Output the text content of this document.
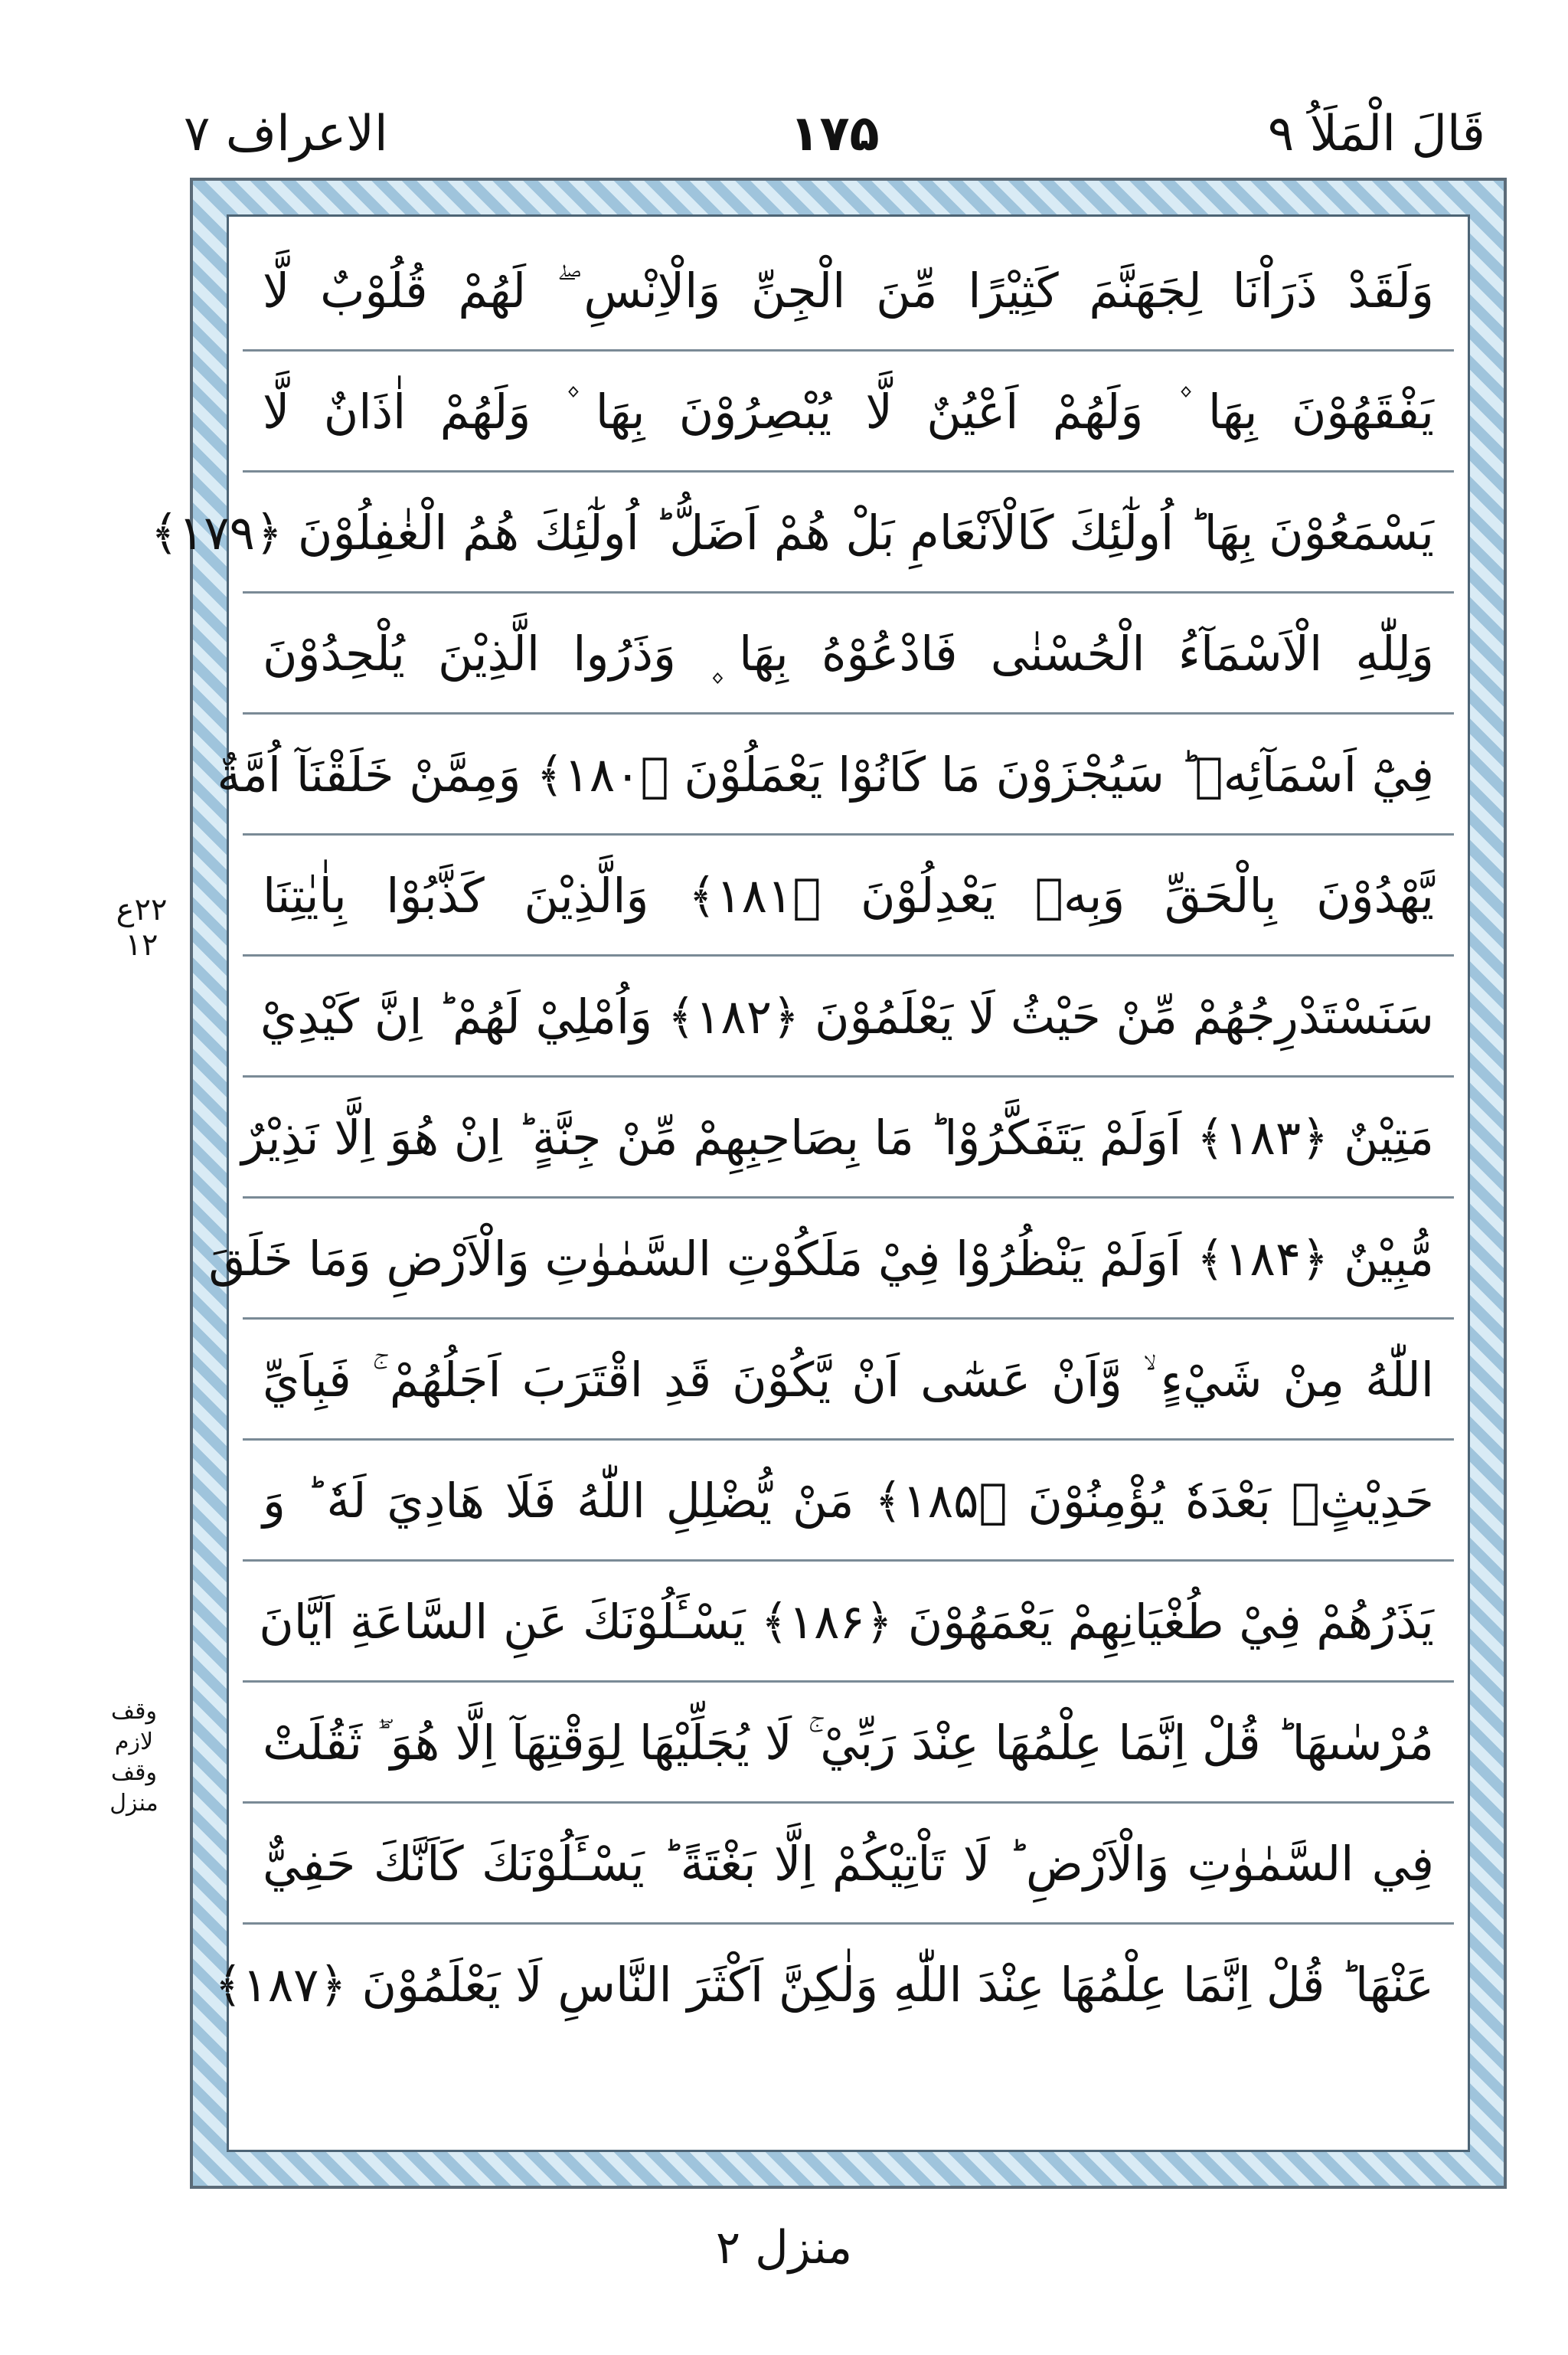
قَالَ الْمَلَاُ ۹
۱۷۵
الاعراف ۷
۲۲ع ۱۲
وقف لازم وقف منزل
وَلَقَدْ ذَرَاْنَا لِجَهَنَّمَ كَثِيْرًا مِّنَ الْجِنِّ وَالْاِنْسِ ۖ لَهُمْ قُلُوْبٌ لَّا
يَفْقَهُوْنَ بِهَا ۫ وَلَهُمْ اَعْيُنٌ لَّا يُبْصِرُوْنَ بِهَا ۫ وَلَهُمْ اٰذَانٌ لَّا
يَسْمَعُوْنَ بِهَا ؕ اُولٰٓئِكَ كَالْاَنْعَامِ بَلْ هُمْ اَضَلُّ ؕ اُولٰٓئِكَ هُمُ الْغٰفِلُوْنَ ﴿۱۷۹﴾
وَلِلّٰهِ الْاَسْمَآءُ الْحُسْنٰى فَادْعُوْهُ بِهَا ۪ وَذَرُوا الَّذِيْنَ يُلْحِدُوْنَ
فِيْٓ اَسْمَآئِهٖ ؕ سَيُجْزَوْنَ مَا كَانُوْا يَعْمَلُوْنَ ﴿۱۸۰﴾ وَمِمَّنْ خَلَقْنَآ اُمَّةٌ
يَّهْدُوْنَ بِالْحَقِّ وَبِهٖ يَعْدِلُوْنَ ﴿۱۸۱﴾ وَالَّذِيْنَ كَذَّبُوْا بِاٰيٰتِنَا
سَنَسْتَدْرِجُهُمْ مِّنْ حَيْثُ لَا يَعْلَمُوْنَ ﴿۱۸۲﴾ وَاُمْلِيْ لَهُمْ ؕ اِنَّ كَيْدِيْ
مَتِيْنٌ ﴿۱۸۳﴾ اَوَلَمْ يَتَفَكَّرُوْا ؕ مَا بِصَاحِبِهِمْ مِّنْ جِنَّةٍ ؕ اِنْ هُوَ اِلَّا نَذِيْرٌ
مُّبِيْنٌ ﴿۱۸۴﴾ اَوَلَمْ يَنْظُرُوْا فِيْ مَلَكُوْتِ السَّمٰوٰتِ وَالْاَرْضِ وَمَا خَلَقَ
اللّٰهُ مِنْ شَيْءٍ ۙ وَّاَنْ عَسٰٓى اَنْ يَّكُوْنَ قَدِ اقْتَرَبَ اَجَلُهُمْ ۚ فَبِاَيِّ
حَدِيْثٍۢ بَعْدَهٗ يُؤْمِنُوْنَ ﴿۱۸۵﴾ مَنْ يُّضْلِلِ اللّٰهُ فَلَا هَادِيَ لَهٗ ؕ وَ
يَذَرُهُمْ فِيْ طُغْيَانِهِمْ يَعْمَهُوْنَ ﴿۱۸۶﴾ يَسْـَٔلُوْنَكَ عَنِ السَّاعَةِ اَيَّانَ
مُرْسٰىهَا ؕ قُلْ اِنَّمَا عِلْمُهَا عِنْدَ رَبِّيْ ۚ لَا يُجَلِّيْهَا لِوَقْتِهَآ اِلَّا هُوَ ؔؕ ثَقُلَتْ
فِي السَّمٰوٰتِ وَالْاَرْضِ ؕ لَا تَاْتِيْكُمْ اِلَّا بَغْتَةً ؕ يَسْـَٔلُوْنَكَ كَاَنَّكَ حَفِيٌّ
عَنْهَا ؕ قُلْ اِنَّمَا عِلْمُهَا عِنْدَ اللّٰهِ وَلٰكِنَّ اَكْثَرَ النَّاسِ لَا يَعْلَمُوْنَ ﴿۱۸۷﴾
منزل ۲
